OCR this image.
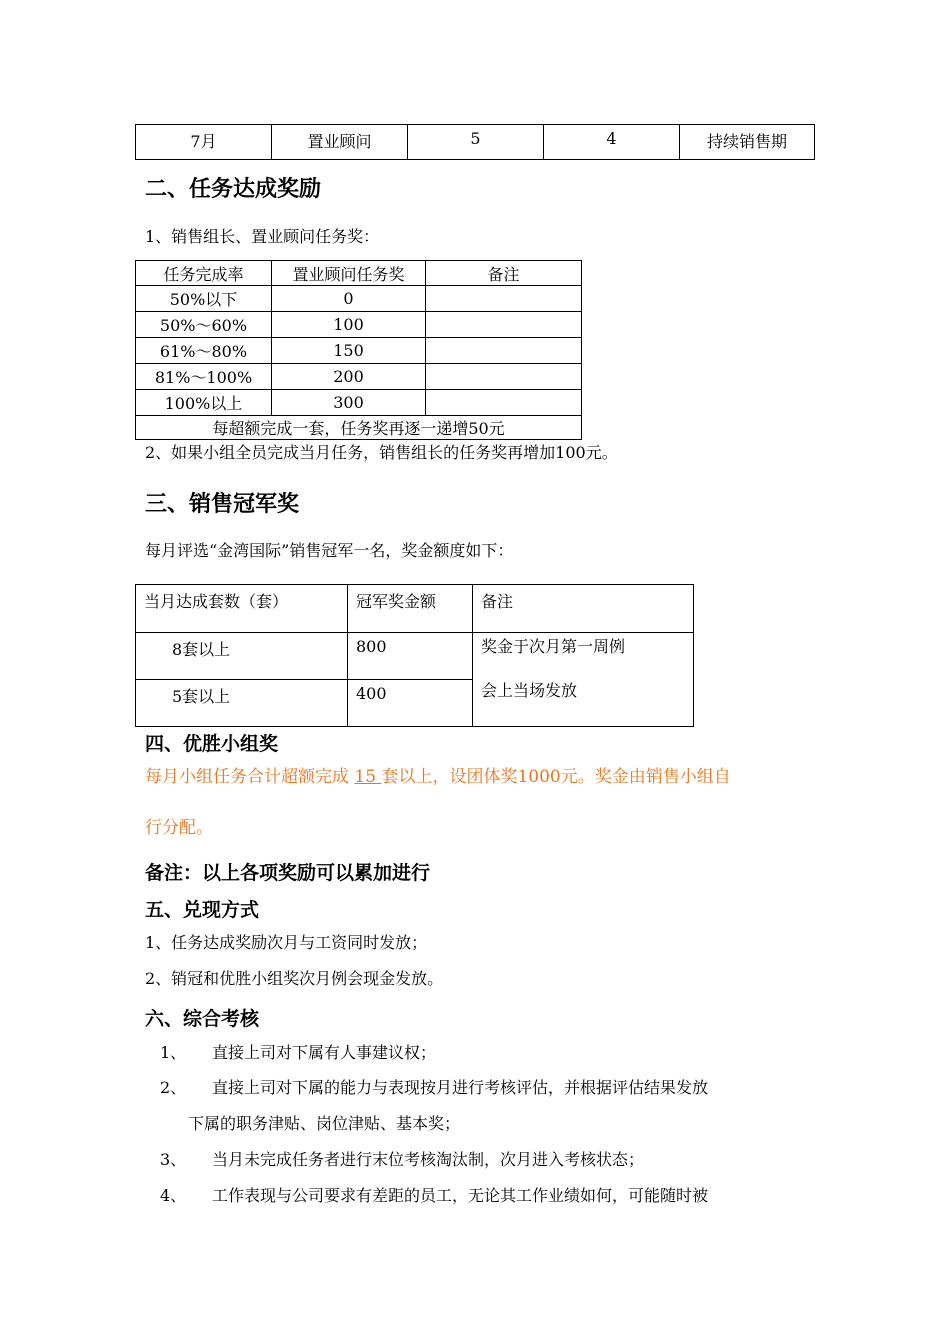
7月	置业顾问	5	4	持续销售期
二、任务达成奖励
1、销售组长、置业顾问任务奖：
任务完成率	置业顾问任务奖	备注
50%以下	0	
50%～60%	100	
61%～80%	150	
81%～100%	200	
100%以上	300	
每超额完成一套，任务奖再逐一递增50元		
2、如果小组全员完成当月任务，销售组长的任务奖再增加100元。
三、销售冠军奖
每月评选“金湾国际”销售冠军一名，奖金额度如下：
当月达成套数（套）	冠军奖金额	备注
8套以上	800	奖金于次月第一周例
会上当场发放

5套以上	400	
四、优胜小组奖
每月小组任务合计超额完成 15 套以上，设团体奖1000元。奖金由销售小组自
行分配。
备注：以上各项奖励可以累加进行
五、兑现方式
1、任务达成奖励次月与工资同时发放；
2、销冠和优胜小组奖次月例会现金发放。
六、综合考核
1、 直接上司对下属有人事建议权；
2、 直接上司对下属的能力与表现按月进行考核评估，并根据评估结果发放
下属的职务津贴、岗位津贴、基本奖；
3、 当月未完成任务者进行末位考核淘汰制，次月进入考核状态；
4、 工作表现与公司要求有差距的员工，无论其工作业绩如何，可能随时被
